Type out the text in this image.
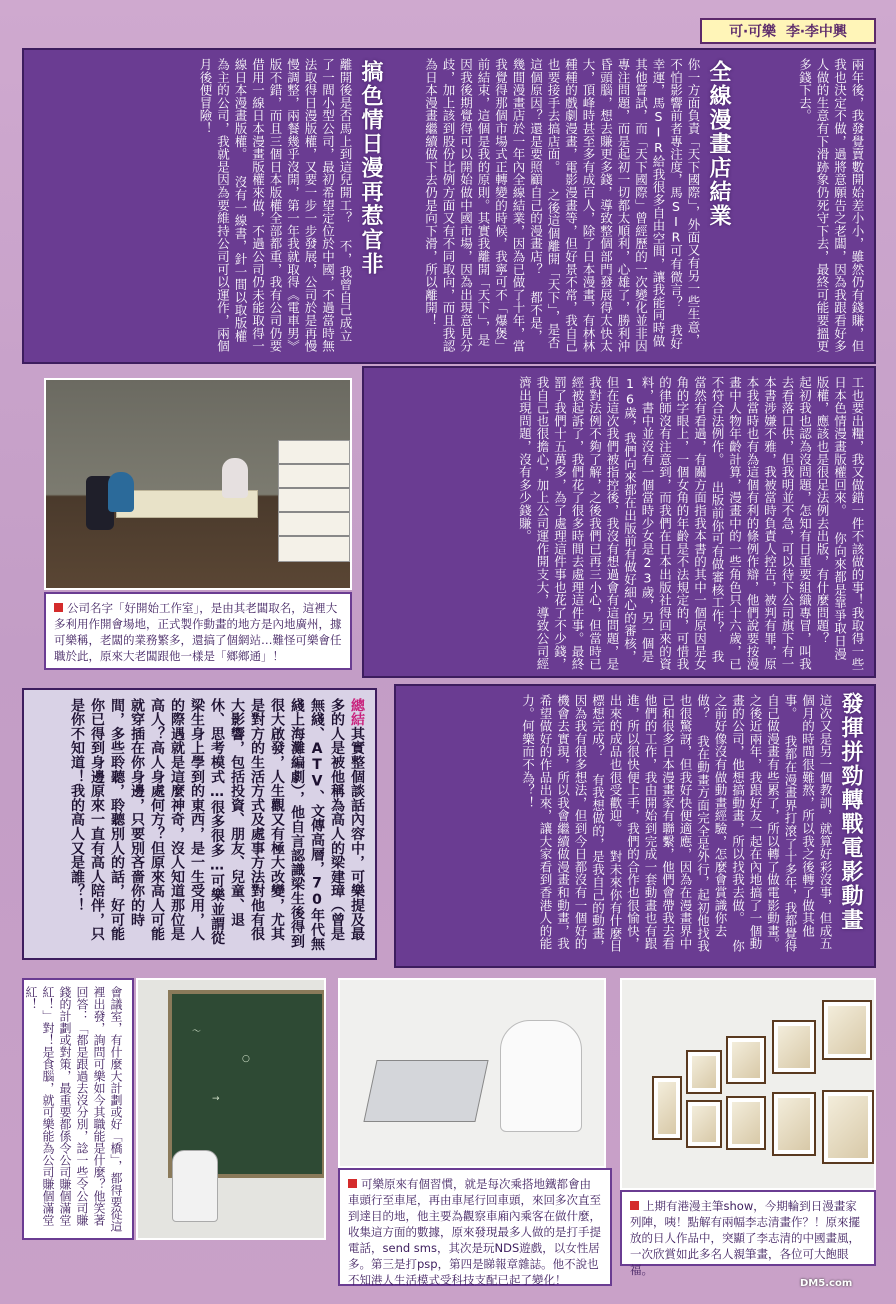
可‧可樂 李‧李中興
兩年後，我發覺賣數開始差小小，雖然仍有錢賺，但我也決定不做，過將意願告之老闆，因為我跟看好多人做的生意有下滑跡象仍死守下去，最終可能要搵更多錢下去。
全線漫畫店結業
你一方面負責「天下國際」，外面又有另一些生意，不怕影響前者專注度，馬SIR可有微言？ 我好幸運，馬SIR給我很多自由空間，讓我能同時做其他嘗試，而「天下國際」曾經歷的一次變化並非因專注問題，而是起初一切都太順利，心雄了，勝利沖昏頭腦，想去賺更多錢，導致整個部門發展得太快太大，頂峰時甚至多有成百人，除了日本漫畫，有林林種種的戲劇漫畫，電影漫畫等，但好景不常，我自己也要接手去搞店面。 之後這個離開「天下」，是否這個原因？還是要照顧自己的漫畫店？ 都不是，幾間漫畫店於一年內全線結業，因為已做了十年，當我覺得那個市場式正轉變的時候，我寧可不「爆煲」前結束，這個是我的原則。其實我離開「天下」，是因我後期覺得可以開始做中國市場，因為出現意見分歧，加上該到股份比例方面又有不同取向，而且我認為日本漫畫繼續做下去仍是向下滑，所以離開！
搞色情日漫再惹官非
離開後是否馬上到這兒開工？ 不，我曾自己成立了一間小型公司，最初希望定位於中國，不過當時無法取得日漫版權，又要一步一步發展，公司於是再慢慢調整，兩餐幾乎沒開，第一年我就取得《電車男》版不錯，而且三個日本版權全部都重，我有公司仍要借用一線日本漫畫版權來做，不過公司仍未能取得一線日本漫畫版權。 沒有一線書，針一間以取版權為主的公司，我就是因為要維持公司可以運作，兩個月後便冒險！
公司名字「好開始工作室」，是由其老闆取名，這裡大多利用作開會場地，正式製作動畫的地方是內地廣州，據可樂稱，老闆的業務繁多，還搞了個網站…難怪可樂會任職於此，原來大老闆跟他一樣是「鄉鄉通」！	工也要出糧，我又做錯一件不該做的事！我取得一些日本色情漫畫版權回來。 你向來都是靠爭取日漫版權，應該也是很足法例去出版，有什麼問題？ 起初我也認為沒問題，怎知有日重要組織專冒，叫我去看落口供，但我明並不急，可以待下公司旗下有一本書涉嫌不雅，我被當時負責人控告，被判有罪，原本我當時也有為這個有利的條例作辯，他們說要按漫畫中人物年齡計算，漫畫中的一些角色只十六歲，已不符合法例作。 出版前你可有做審核工作？ 我當然有看過，有關方面指我本書的其中一個原因是女角的字眼上，一個女角的年齡是不法規定的，可惜我的律師沒有注意到，而我們在日本出版社得回來的資料，書中並沒有一個當時少女是23歲，另一個是16歲，我們向來都在出版前有做好細心的審核，但在這次我們被指控後，我沒有想過會有這問題，是我對法例不夠了解，之後我們已再三小心，但當時已經被起訴了，我們花了很多時間去處理這件事。最終罰了我們十五萬多，為了處理這件事也花了不少錢，我自己也很擔心，加上公司運作開支大，導致公司經濟出現問題，沒有多少錢賺。
總結其實整個談話內容中，可樂提及最多的人是被他稱為高人的梁建璋（曾是無綫、ATV、文傳高層，70年代無綫上海灘編劇），他自言認識梁生後得到很大啟發，人生觀又有極大改變，尤其是對方的生活方式及處事方法對他有很大影響，包括投資、朋友、兒童、退休、思考模式…很多很多…可樂並謂從梁生身上學到的東西，是一生受用，人的際遇就是這麼神奇，沒人知道那位是高人？高人身處何方？但原來高人可能就穿插在你身邊，只要別吝嗇你的時間，多些聆聽，聆聽別人的話，好可能你已得到身邊原來一直有高人陪伴，只是你不知道！我的高人又是誰？！	發揮拼勁轉戰電影動畫
這次又是另一個教訓，就算好彩沒事，但成五個月的時間很難熬，所以我之後轉了做其他事。 我都在漫畫界打滾了十多年，我都覺得自己做漫畫有些累了，所以轉了做電影動畫。之後近兩年，我跟好友一起在內地搞了一個動畫的公司，他想搞動畫，所以找我去做。 你之前好像沒有做動畫經驗，怎麼會賞識你去做？ 我在動畫方面完全是外行，起初他找我也很驚訝，但我好快便適應，因為在漫畫界中已和很多日本漫畫家有聯繫，他們會帶我去看他們的工作，我由開始到完成一套動畫也有跟進，所以很快便上手，我們的合作也很愉快，出來的成品也很受歡迎。 對未來你有什麼目標想完成？ 有我想做的，是我自己的動畫，因為我有很多想法，但到今日都沒有一個好的機會去實現，所以我會繼續做漫畫和動畫，我希望做好的作品出來，讓大家看到香港人的能力。何樂而不為？！
會議室，有什麼大計劃或好「橋」，都得要從這裡出發，詢問可樂如今其職能是什麼？他笑著回答：「都是跟過去沒分別，諗一些令公司賺錢的計劃或對策，最重要都係令公司賺個滿堂紅！」對！是食腦，就可樂能為公司賺個滿堂紅！
～
○
→
可樂原來有個習慣，就是每次乘搭地鐵都會由車頭行至車尾，再由車尾行回車頭，來回多次直至到達目的地，他主要為觀察車廂內乘客在做什麼，收集這方面的數據，原來發現最多人做的是打手提電話，send sms，其次是玩NDS遊戲，以女性居多。第三是打psp，第四是睇報章雜誌。他不說也不知港人生活模式受科技支配已起了變化！
上期有港漫主筆show，今期輪到日漫畫家列陣，咦！點解有兩幅李志清畫作？！原來擺放的日人作品中，突顯了李志清的中國畫風，一次欣賞如此多名人親筆畫，各位可大飽眼福。
DM5.com
